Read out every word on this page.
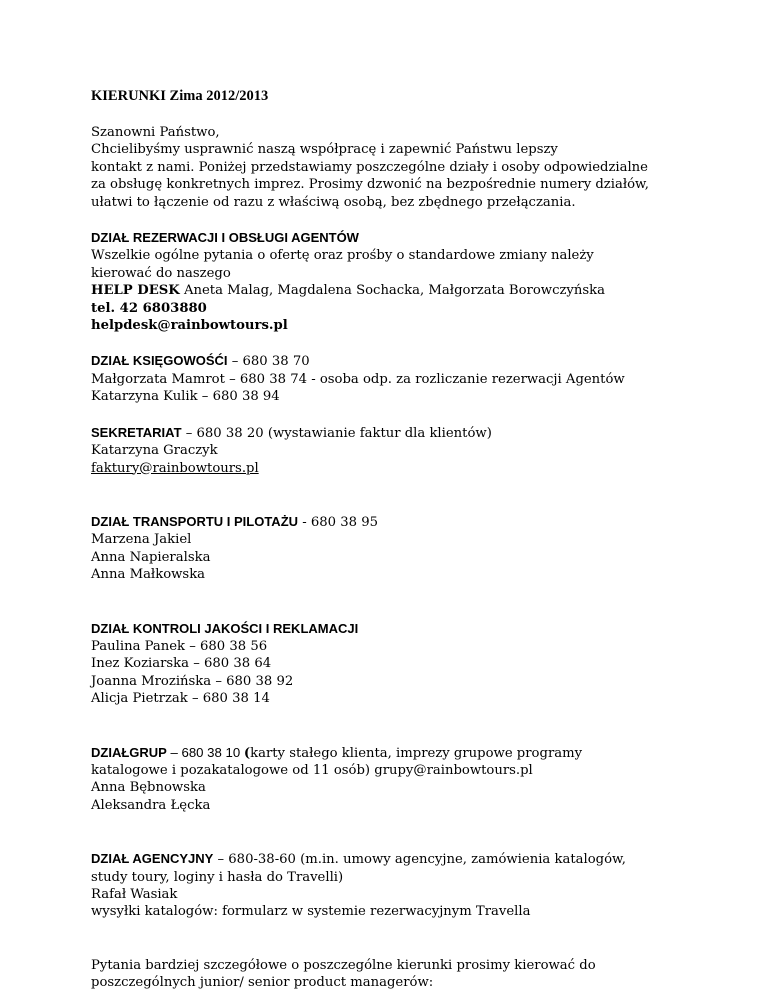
KIERUNKI Zima 2012/2013
Szanowni Państwo,
Chcielibyśmy usprawnić naszą współpracę i zapewnić Państwu lepszy
kontakt z nami. Poniżej przedstawiamy poszczególne działy i osoby odpowiedzialne
za obsługę konkretnych imprez. Prosimy dzwonić na bezpośrednie numery działów,
ułatwi to łączenie od razu z właściwą osobą, bez zbędnego przełączania.
DZIAŁ REZERWACJI I OBSŁUGI AGENTÓW
Wszelkie ogólne pytania o ofertę oraz prośby o standardowe zmiany należy
kierować do naszego
HELP DESK Aneta Malag, Magdalena Sochacka, Małgorzata Borowczyńska
tel. 42 6803880
helpdesk@rainbowtours.pl
DZIAŁ KSIĘGOWOŚĆI – 680 38 70
Małgorzata Mamrot – 680 38 74 - osoba odp. za rozliczanie rezerwacji Agentów
Katarzyna Kulik – 680 38 94
SEKRETARIAT – 680 38 20 (wystawianie faktur dla klientów)
Katarzyna Graczyk
faktury@rainbowtours.pl
DZIAŁ TRANSPORTU I PILOTAŻU - 680 38 95
Marzena Jakiel
Anna Napieralska
Anna Małkowska
DZIAŁ KONTROLI JAKOŚCI I REKLAMACJI
Paulina Panek – 680 38 56
Inez Koziarska – 680 38 64
Joanna Mrozińska – 680 38 92
Alicja Pietrzak – 680 38 14
DZIAŁGRUP – 680 38 10 (karty stałego klienta, imprezy grupowe programy
katalogowe i pozakatalogowe od 11 osób) grupy@rainbowtours.pl
Anna Bębnowska
Aleksandra Łęcka
DZIAŁ AGENCYJNY – 680-38-60 (m.in. umowy agencyjne, zamówienia katalogów,
study toury, loginy i hasła do Travelli)
Rafał Wasiak
wysyłki katalogów: formularz w systemie rezerwacyjnym Travella
Pytania bardziej szczegółowe o poszczególne kierunki prosimy kierować do
poszczególnych junior/ senior product managerów:
